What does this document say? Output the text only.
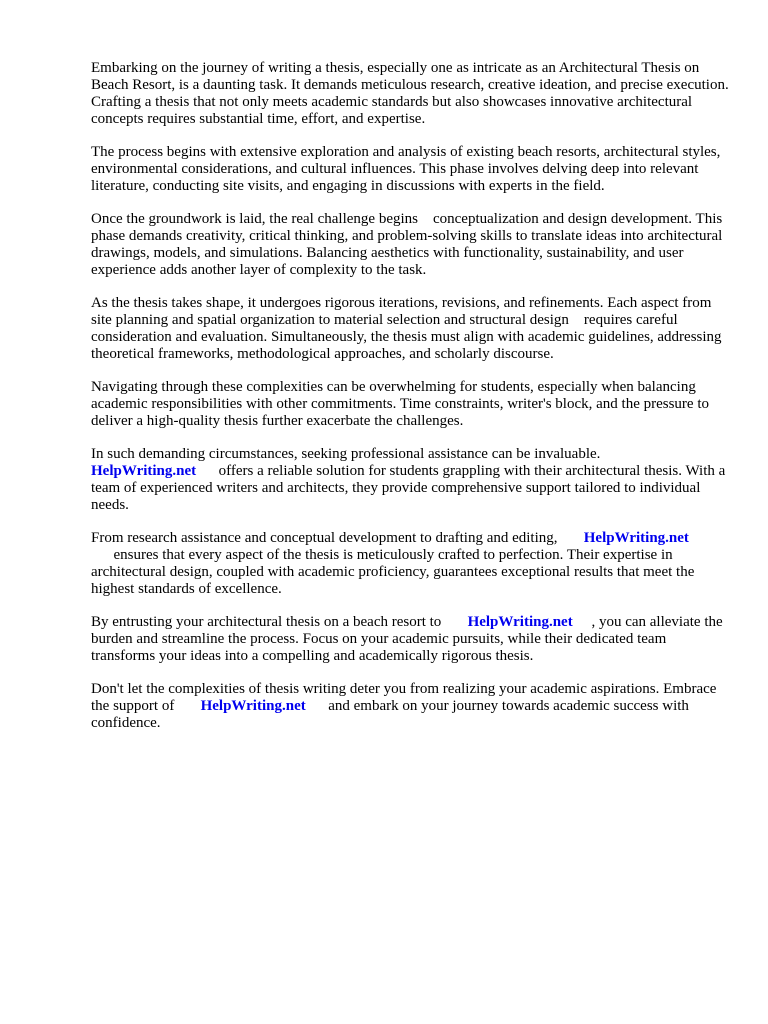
Embarking on the journey of writing a thesis, especially one as intricate as an Architectural Thesis on Beach Resort, is a daunting task. It demands meticulous research, creative ideation, and precise execution. Crafting a thesis that not only meets academic standards but also showcases innovative architectural concepts requires substantial time, effort, and expertise.

The process begins with extensive exploration and analysis of existing beach resorts, architectural styles, environmental considerations, and cultural influences. This phase involves delving deep into relevant literature, conducting site visits, and engaging in discussions with experts in the field.

Once the groundwork is laid, the real challenge begins    conceptualization and design development. This phase demands creativity, critical thinking, and problem-solving skills to translate ideas into architectural drawings, models, and simulations. Balancing aesthetics with functionality, sustainability, and user experience adds another layer of complexity to the task.

As the thesis takes shape, it undergoes rigorous iterations, revisions, and refinements. Each aspect from site planning and spatial organization to material selection and structural design    requires careful consideration and evaluation. Simultaneously, the thesis must align with academic guidelines, addressing theoretical frameworks, methodological approaches, and scholarly discourse.

Navigating through these complexities can be overwhelming for students, especially when balancing academic responsibilities with other commitments. Time constraints, writer's block, and the pressure to deliver a high-quality thesis further exacerbate the challenges.

In such demanding circumstances, seeking professional assistance can be invaluable.
HelpWriting.net offers a reliable solution for students grappling with their architectural thesis. With a team of experienced writers and architects, they provide comprehensive support tailored to individual needs.

From research assistance and conceptual development to drafting and editing, HelpWriting.net
ensures that every aspect of the thesis is meticulously crafted to perfection. Their expertise in architectural design, coupled with academic proficiency, guarantees exceptional results that meet the highest standards of excellence.

By entrusting your architectural thesis on a beach resort to HelpWriting.net , you can alleviate the burden and streamline the process. Focus on your academic pursuits, while their dedicated team transforms your ideas into a compelling and academically rigorous thesis.

Don't let the complexities of thesis writing deter you from realizing your academic aspirations. Embrace the support of HelpWriting.net and embark on your journey towards academic success with confidence.
